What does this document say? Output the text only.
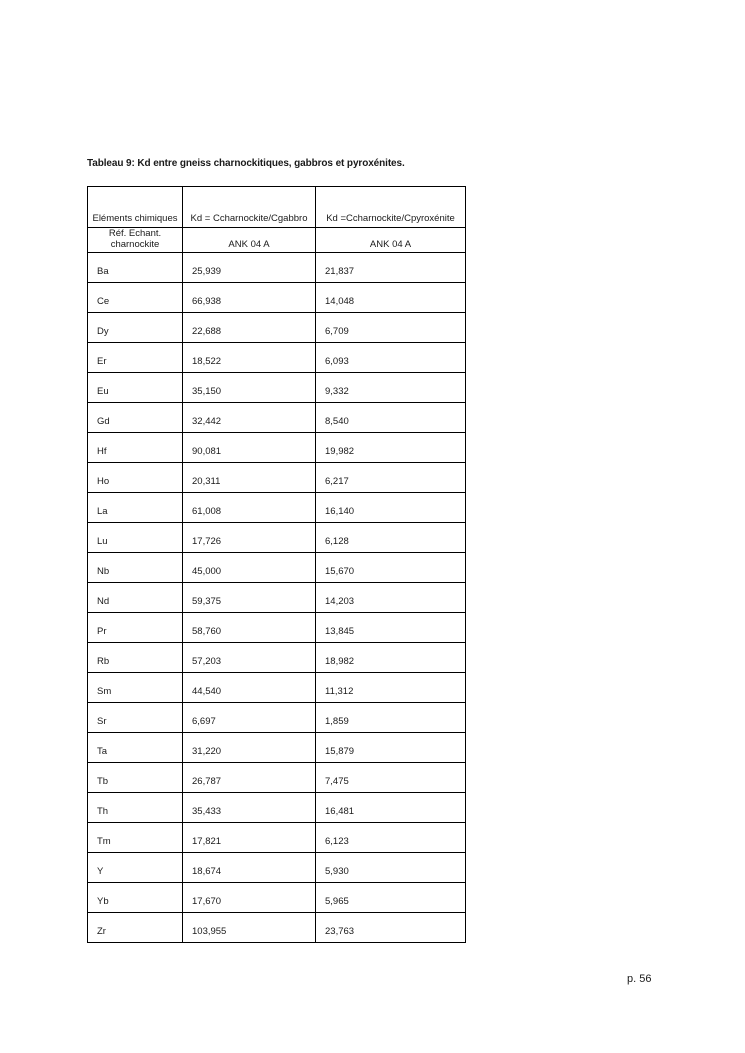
Tableau 9: Kd entre gneiss charnockitiques, gabbros et pyroxénites.
Eléments chimiques	Kd = Ccharnockite/Cgabbro	Kd =Ccharnockite/Cpyroxénite

Réf. Echant.
charnockite	ANK 04 A	ANK 04 A
Ba	25,939	21,837
Ce	66,938	14,048
Dy	22,688	6,709
Er	18,522	6,093
Eu	35,150	9,332
Gd	32,442	8,540
Hf	90,081	19,982
Ho	20,311	6,217
La	61,008	16,140
Lu	17,726	6,128
Nb	45,000	15,670
Nd	59,375	14,203
Pr	58,760	13,845
Rb	57,203	18,982
Sm	44,540	11,312
Sr	6,697	1,859
Ta	31,220	15,879
Tb	26,787	7,475
Th	35,433	16,481
Tm	17,821	6,123
Y	18,674	5,930
Yb	17,670	5,965
Zr	103,955	23,763
p. 56
